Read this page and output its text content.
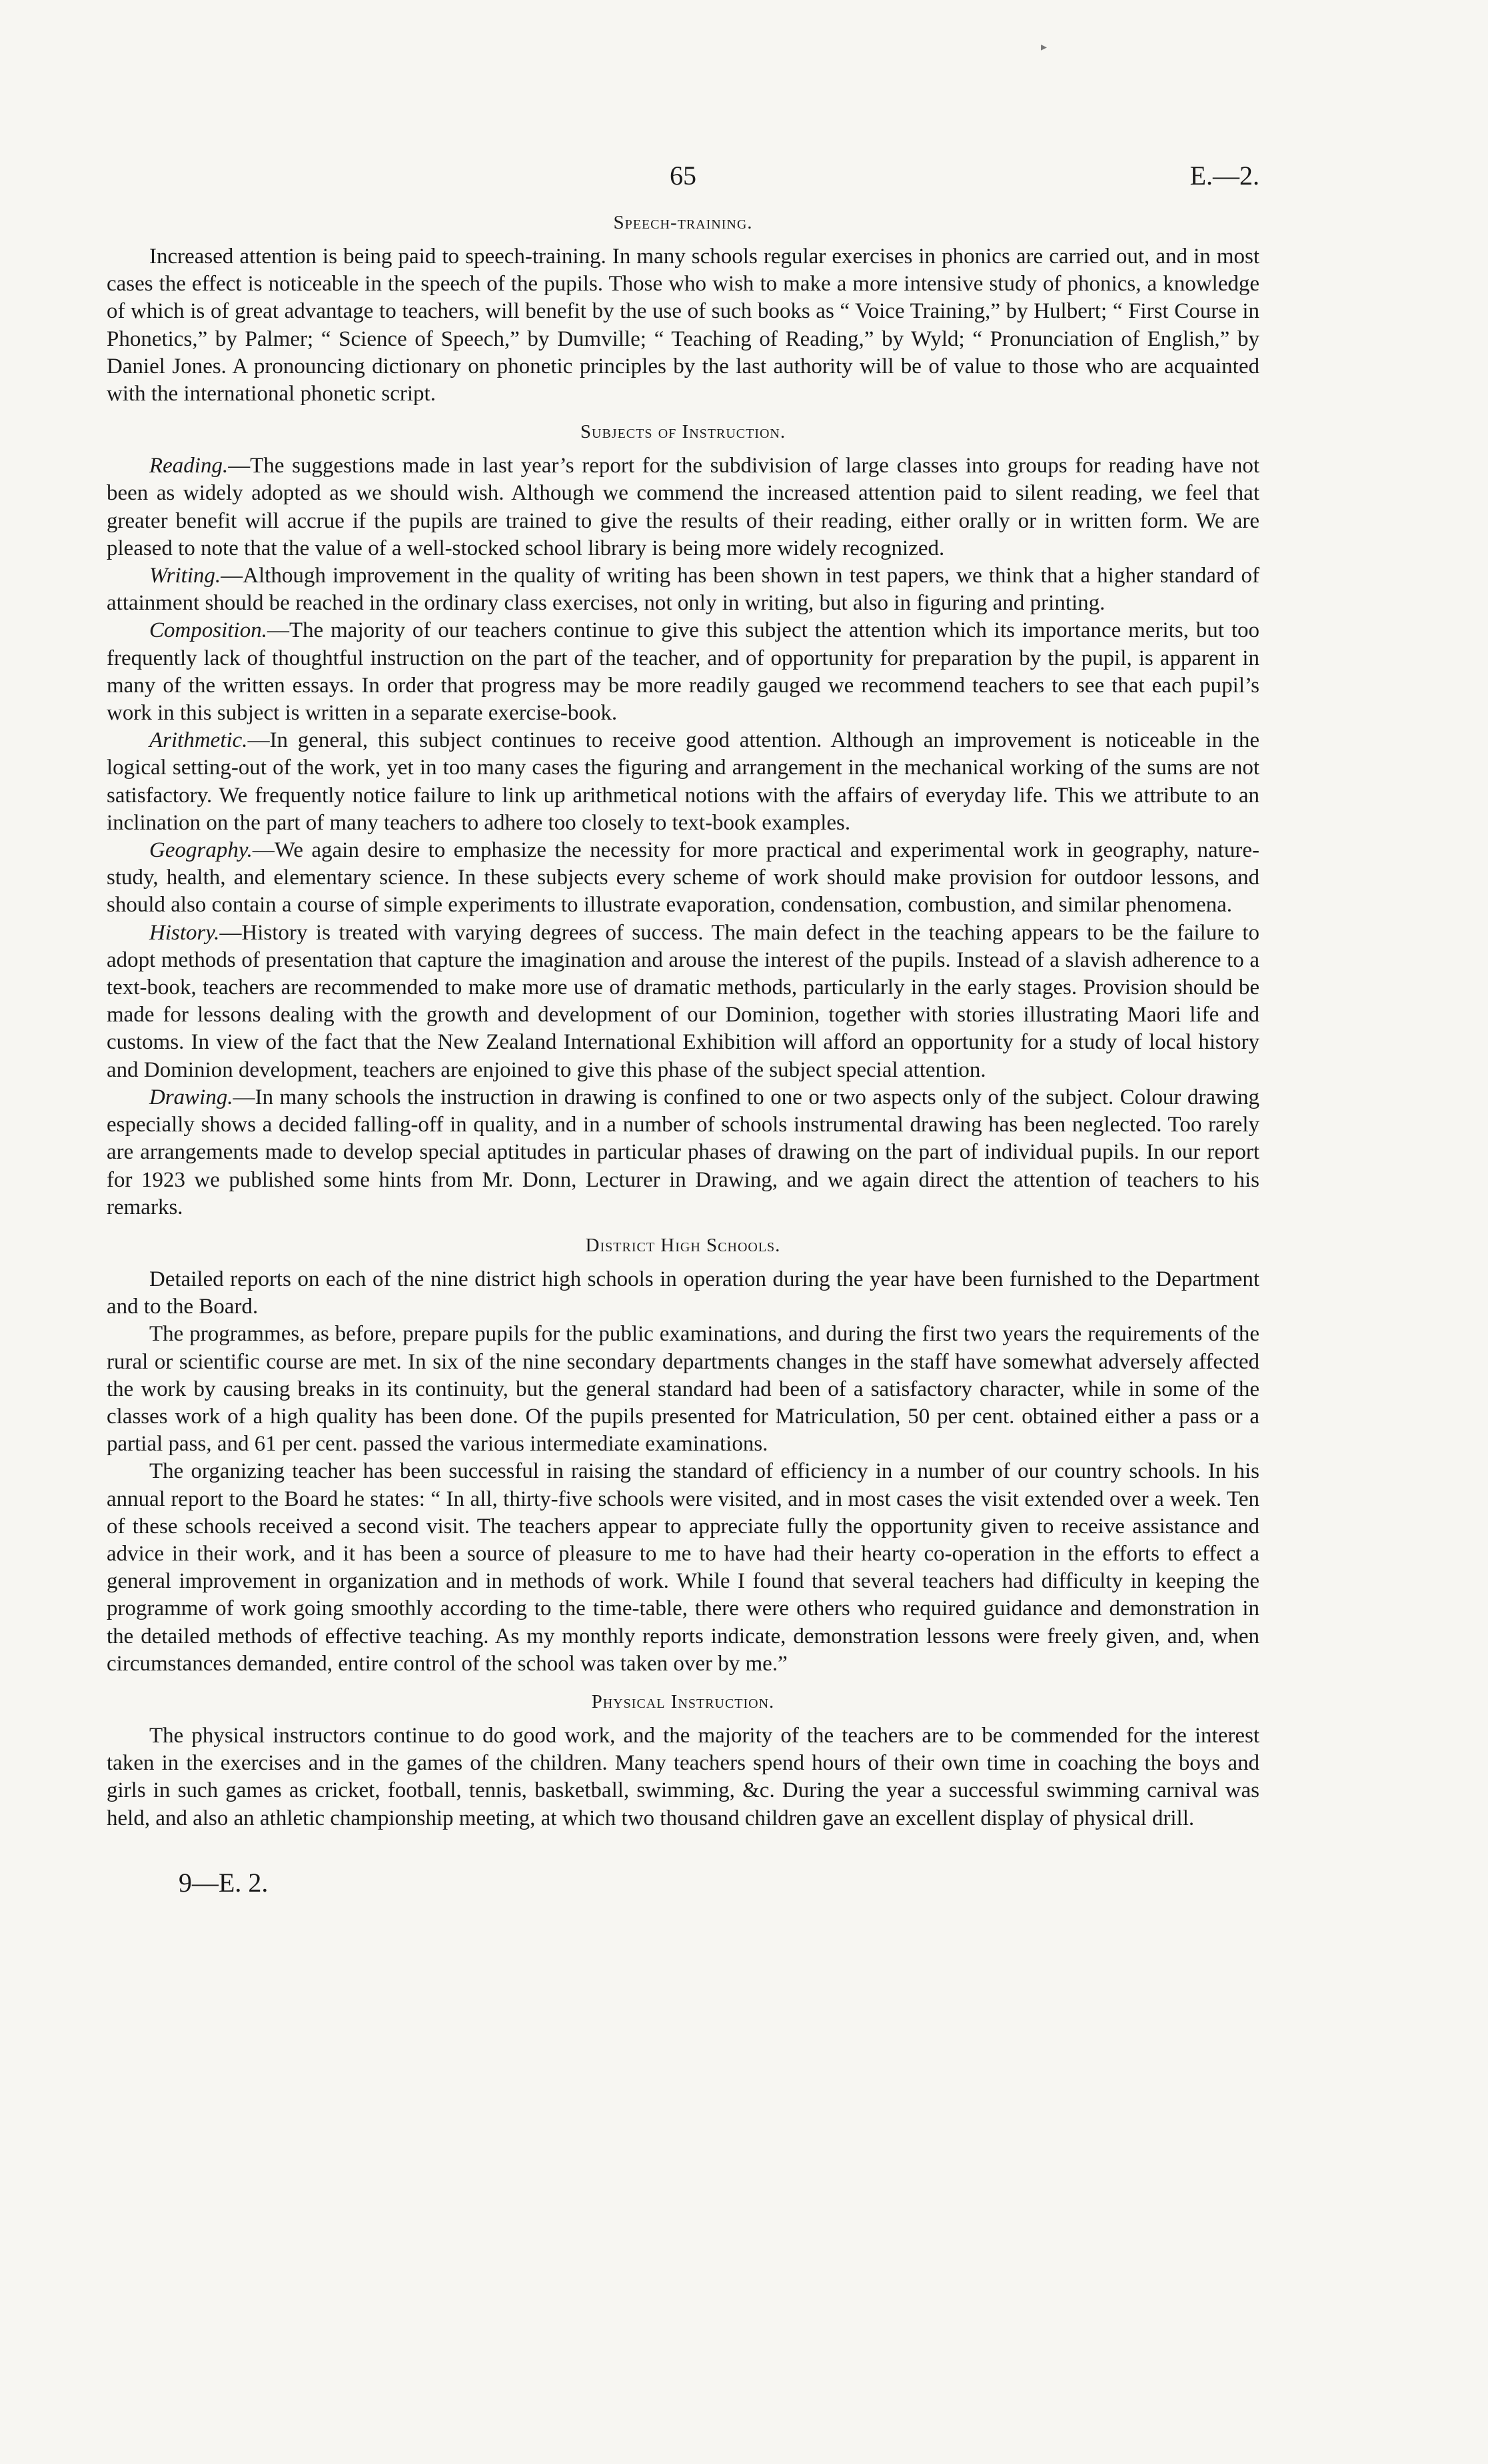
▸
65	E.—2.
Speech-training.

Increased attention is being paid to speech-training. In many schools regular exercises in phonics are carried out, and in most cases the effect is noticeable in the speech of the pupils. Those who wish to make a more intensive study of phonics, a knowledge of which is of great advantage to teachers, will benefit by the use of such books as “ Voice Training,” by Hulbert; “ First Course in Phonetics,” by Palmer; “ Science of Speech,” by Dumville; “ Teaching of Reading,” by Wyld; “ Pronunciation of English,” by Daniel Jones. A pronouncing dictionary on phonetic principles by the last authority will be of value to those who are acquainted with the international phonetic script.

Subjects of Instruction.

Reading.—The suggestions made in last year’s report for the subdivision of large classes into groups for reading have not been as widely adopted as we should wish. Although we commend the increased attention paid to silent reading, we feel that greater benefit will accrue if the pupils are trained to give the results of their reading, either orally or in written form. We are pleased to note that the value of a well-stocked school library is being more widely recognized.

Writing.—Although improvement in the quality of writing has been shown in test papers, we think that a higher standard of attainment should be reached in the ordinary class exercises, not only in writing, but also in figuring and printing.

Composition.—The majority of our teachers continue to give this subject the attention which its importance merits, but too frequently lack of thoughtful instruction on the part of the teacher, and of opportunity for preparation by the pupil, is apparent in many of the written essays. In order that progress may be more readily gauged we recommend teachers to see that each pupil’s work in this subject is written in a separate exercise-book.

Arithmetic.—In general, this subject continues to receive good attention. Although an improvement is noticeable in the logical setting-out of the work, yet in too many cases the figuring and arrangement in the mechanical working of the sums are not satisfactory. We frequently notice failure to link up arithmetical notions with the affairs of everyday life. This we attribute to an inclination on the part of many teachers to adhere too closely to text-book examples.

Geography.—We again desire to emphasize the necessity for more practical and experimental work in geography, nature-study, health, and elementary science. In these subjects every scheme of work should make provision for outdoor lessons, and should also contain a course of simple experiments to illustrate evaporation, condensation, combustion, and similar phenomena.

History.—History is treated with varying degrees of success. The main defect in the teaching appears to be the failure to adopt methods of presentation that capture the imagination and arouse the interest of the pupils. Instead of a slavish adherence to a text-book, teachers are recommended to make more use of dramatic methods, particularly in the early stages. Provision should be made for lessons dealing with the growth and development of our Dominion, together with stories illustrating Maori life and customs. In view of the fact that the New Zealand International Exhibition will afford an opportunity for a study of local history and Dominion development, teachers are enjoined to give this phase of the subject special attention.

Drawing.—In many schools the instruction in drawing is confined to one or two aspects only of the subject. Colour drawing especially shows a decided falling-off in quality, and in a number of schools instrumental drawing has been neglected. Too rarely are arrangements made to develop special aptitudes in particular phases of drawing on the part of individual pupils. In our report for 1923 we published some hints from Mr. Donn, Lecturer in Drawing, and we again direct the attention of teachers to his remarks.

District High Schools.

Detailed reports on each of the nine district high schools in operation during the year have been furnished to the Department and to the Board.

The programmes, as before, prepare pupils for the public examinations, and during the first two years the requirements of the rural or scientific course are met. In six of the nine secondary departments changes in the staff have somewhat adversely affected the work by causing breaks in its continuity, but the general standard had been of a satisfactory character, while in some of the classes work of a high quality has been done. Of the pupils presented for Matriculation, 50 per cent. obtained either a pass or a partial pass, and 61 per cent. passed the various intermediate examinations.

The organizing teacher has been successful in raising the standard of efficiency in a number of our country schools. In his annual report to the Board he states: “ In all, thirty-five schools were visited, and in most cases the visit extended over a week. Ten of these schools received a second visit. The teachers appear to appreciate fully the opportunity given to receive assistance and advice in their work, and it has been a source of pleasure to me to have had their hearty co-operation in the efforts to effect a general improvement in organization and in methods of work. While I found that several teachers had difficulty in keeping the programme of work going smoothly according to the time-table, there were others who required guidance and demonstration in the detailed methods of effective teaching. As my monthly reports indicate, demonstration lessons were freely given, and, when circumstances demanded, entire control of the school was taken over by me.”

Physical Instruction.

The physical instructors continue to do good work, and the majority of the teachers are to be commended for the interest taken in the exercises and in the games of the children. Many teachers spend hours of their own time in coaching the boys and girls in such games as cricket, football, tennis, basketball, swimming, &c. During the year a successful swimming carnival was held, and also an athletic championship meeting, at which two thousand children gave an excellent display of physical drill.

9—E. 2.
